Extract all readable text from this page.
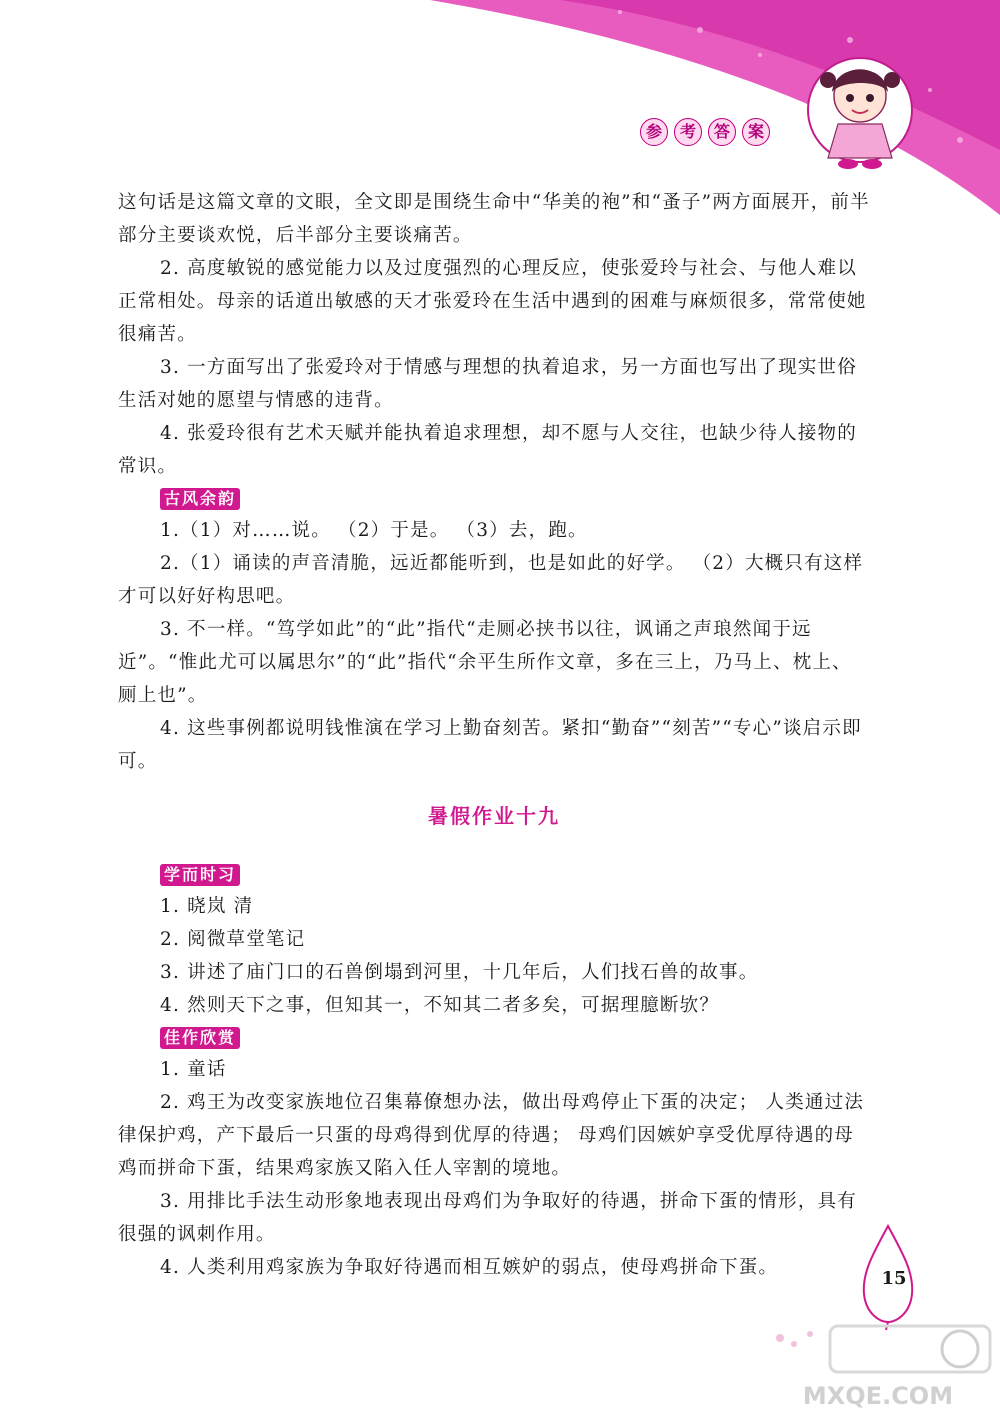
参	考	答	案

这句话是这篇文章的文眼，全文即是围绕生命中“华美的袍”和“蚤子”两方面展开，前半部分主要谈欢悦，后半部分主要谈痛苦。

2. 高度敏锐的感觉能力以及过度强烈的心理反应，使张爱玲与社会、与他人难以正常相处。母亲的话道出敏感的天才张爱玲在生活中遇到的困难与麻烦很多，常常使她很痛苦。

3. 一方面写出了张爱玲对于情感与理想的执着追求，另一方面也写出了现实世俗生活对她的愿望与情感的违背。

4. 张爱玲很有艺术天赋并能执着追求理想，却不愿与人交往，也缺少待人接物的常识。

古风余韵

1.（1）对……说。 （2）于是。 （3）去，跑。

2.（1）诵读的声音清脆，远近都能听到，也是如此的好学。 （2）大概只有这样才可以好好构思吧。

3. 不一样。“笃学如此”的“此”指代“走厕必挟书以往，讽诵之声琅然闻于远近”。“惟此尤可以属思尔”的“此”指代“余平生所作文章，多在三上，乃马上、枕上、厕上也”。

4. 这些事例都说明钱惟演在学习上勤奋刻苦。紧扣“勤奋”“刻苦”“专心”谈启示即可。

暑假作业十九

学而时习

1. 晓岚 清

2. 阅微草堂笔记

3. 讲述了庙门口的石兽倒塌到河里，十几年后，人们找石兽的故事。

4. 然则天下之事，但知其一，不知其二者多矣，可据理臆断欤？

佳作欣赏

1. 童话

2. 鸡王为改变家族地位召集幕僚想办法，做出母鸡停止下蛋的决定； 人类通过法律保护鸡，产下最后一只蛋的母鸡得到优厚的待遇； 母鸡们因嫉妒享受优厚待遇的母鸡而拼命下蛋，结果鸡家族又陷入任人宰割的境地。

3. 用排比手法生动形象地表现出母鸡们为争取好的待遇，拼命下蛋的情形，具有很强的讽刺作用。

4. 人类利用鸡家族为争取好待遇而相互嫉妒的弱点，使母鸡拼命下蛋。

15
MXQE.COM
